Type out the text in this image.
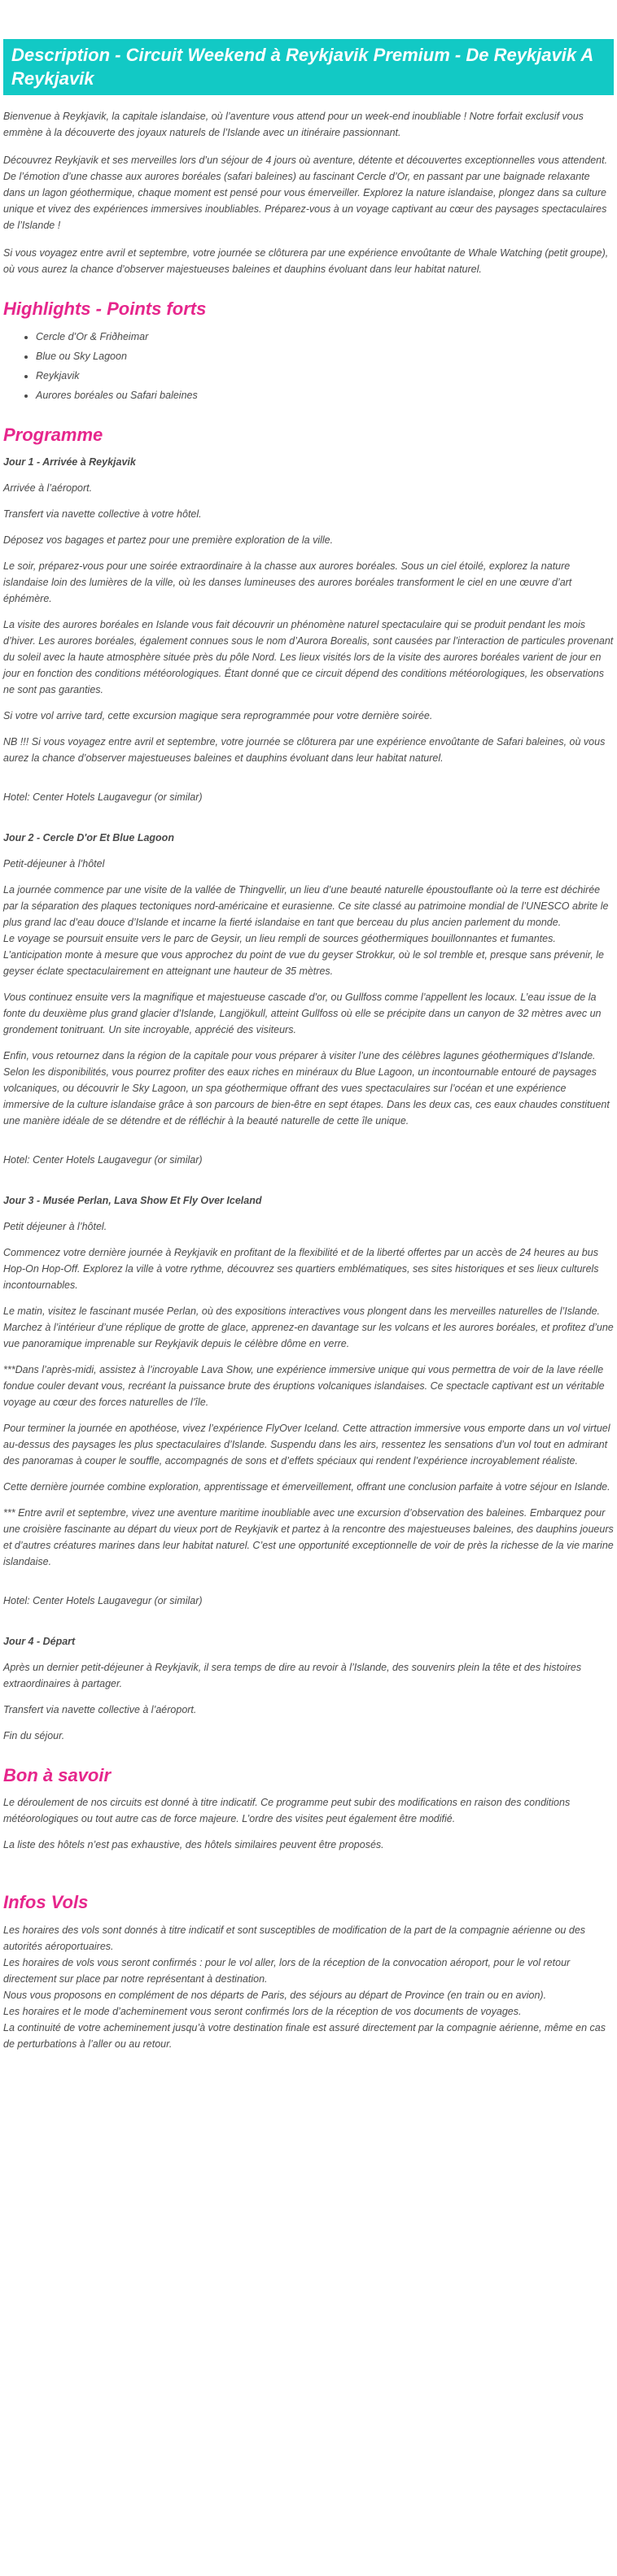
Description - Circuit Weekend à Reykjavik Premium - De Reykjavik A Reykjavik

Bienvenue à Reykjavik, la capitale islandaise, où l’aventure vous attend pour un week-end inoubliable ! Notre forfait exclusif vous emmène à la découverte des joyaux naturels de l’Islande avec un itinéraire passionnant.

Découvrez Reykjavik et ses merveilles lors d’un séjour de 4 jours où aventure, détente et découvertes exceptionnelles vous attendent. De l’émotion d’une chasse aux aurores boréales (safari baleines) au fascinant Cercle d’Or, en passant par une baignade relaxante dans un lagon géothermique, chaque moment est pensé pour vous émerveiller. Explorez la nature islandaise, plongez dans sa culture unique et vivez des expériences immersives inoubliables. Préparez-vous à un voyage captivant au cœur des paysages spectaculaires de l’Islande !

Si vous voyagez entre avril et septembre, votre journée se clôturera par une expérience envoûtante de Whale Watching (petit groupe), où vous aurez la chance d’observer majestueuses baleines et dauphins évoluant dans leur habitat naturel.

Highlights - Points forts
• Cercle d’Or & Friðheimar
• Blue ou Sky Lagoon
• Reykjavik
• Aurores boréales ou Safari baleines
Programme
Jour 1 - Arrivée à Reykjavik

Arrivée à l’aéroport.

Transfert via navette collective à votre hôtel.

Déposez vos bagages et partez pour une première exploration de la ville.

Le soir, préparez-vous pour une soirée extraordinaire à la chasse aux aurores boréales. Sous un ciel étoilé, explorez la nature islandaise loin des lumières de la ville, où les danses lumineuses des aurores boréales transforment le ciel en une œuvre d’art éphémère.

La visite des aurores boréales en Islande vous fait découvrir un phénomène naturel spectaculaire qui se produit pendant les mois d’hiver. Les aurores boréales, également connues sous le nom d’Aurora Borealis, sont causées par l’interaction de particules provenant du soleil avec la haute atmosphère située près du pôle Nord. Les lieux visités lors de la visite des aurores boréales varient de jour en jour en fonction des conditions météorologiques. Étant donné que ce circuit dépend des conditions météorologiques, les observations ne sont pas garanties.

Si votre vol arrive tard, cette excursion magique sera reprogrammée pour votre dernière soirée.

NB !!! Si vous voyagez entre avril et septembre, votre journée se clôturera par une expérience envoûtante de Safari baleines, où vous aurez la chance d’observer majestueuses baleines et dauphins évoluant dans leur habitat naturel.

Hotel: Center Hotels Laugavegur (or similar)

Jour 2 - Cercle D'or Et Blue Lagoon

Petit-déjeuner à l’hôtel

La journée commence par une visite de la vallée de Thingvellir, un lieu d’une beauté naturelle époustouflante où la terre est déchirée par la séparation des plaques tectoniques nord-américaine et eurasienne. Ce site classé au patrimoine mondial de l’UNESCO abrite le plus grand lac d’eau douce d’Islande et incarne la fierté islandaise en tant que berceau du plus ancien parlement du monde.

Le voyage se poursuit ensuite vers le parc de Geysir, un lieu rempli de sources géothermiques bouillonnantes et fumantes. L’anticipation monte à mesure que vous approchez du point de vue du geyser Strokkur, où le sol tremble et, presque sans prévenir, le geyser éclate spectaculairement en atteignant une hauteur de 35 mètres.

Vous continuez ensuite vers la magnifique et majestueuse cascade d’or, ou Gullfoss comme l’appellent les locaux. L’eau issue de la fonte du deuxième plus grand glacier d’Islande, Langjökull, atteint Gullfoss où elle se précipite dans un canyon de 32 mètres avec un grondement tonitruant. Un site incroyable, apprécié des visiteurs.

Enfin, vous retournez dans la région de la capitale pour vous préparer à visiter l’une des célèbres lagunes géothermiques d’Islande. Selon les disponibilités, vous pourrez profiter des eaux riches en minéraux du Blue Lagoon, un incontournable entouré de paysages volcaniques, ou découvrir le Sky Lagoon, un spa géothermique offrant des vues spectaculaires sur l’océan et une expérience immersive de la culture islandaise grâce à son parcours de bien-être en sept étapes. Dans les deux cas, ces eaux chaudes constituent une manière idéale de se détendre et de réfléchir à la beauté naturelle de cette île unique.

Hotel: Center Hotels Laugavegur (or similar)

Jour 3 - Musée Perlan, Lava Show Et Fly Over Iceland

Petit déjeuner à l’hôtel.

Commencez votre dernière journée à Reykjavik en profitant de la flexibilité et de la liberté offertes par un accès de 24 heures au bus Hop-On Hop-Off. Explorez la ville à votre rythme, découvrez ses quartiers emblématiques, ses sites historiques et ses lieux culturels incontournables.

Le matin, visitez le fascinant musée Perlan, où des expositions interactives vous plongent dans les merveilles naturelles de l’Islande. Marchez à l’intérieur d’une réplique de grotte de glace, apprenez-en davantage sur les volcans et les aurores boréales, et profitez d’une vue panoramique imprenable sur Reykjavik depuis le célèbre dôme en verre.

***Dans l’après-midi, assistez à l’incroyable Lava Show, une expérience immersive unique qui vous permettra de voir de la lave réelle fondue couler devant vous, recréant la puissance brute des éruptions volcaniques islandaises. Ce spectacle captivant est un véritable voyage au cœur des forces naturelles de l’île.

Pour terminer la journée en apothéose, vivez l’expérience FlyOver Iceland. Cette attraction immersive vous emporte dans un vol virtuel au-dessus des paysages les plus spectaculaires d’Islande. Suspendu dans les airs, ressentez les sensations d’un vol tout en admirant des panoramas à couper le souffle, accompagnés de sons et d’effets spéciaux qui rendent l’expérience incroyablement réaliste.

Cette dernière journée combine exploration, apprentissage et émerveillement, offrant une conclusion parfaite à votre séjour en Islande.

*** Entre avril et septembre, vivez une aventure maritime inoubliable avec une excursion d’observation des baleines. Embarquez pour une croisière fascinante au départ du vieux port de Reykjavik et partez à la rencontre des majestueuses baleines, des dauphins joueurs et d’autres créatures marines dans leur habitat naturel. C’est une opportunité exceptionnelle de voir de près la richesse de la vie marine islandaise.

Hotel: Center Hotels Laugavegur (or similar)

Jour 4 - Départ

Après un dernier petit-déjeuner à Reykjavik, il sera temps de dire au revoir à l’Islande, des souvenirs plein la tête et des histoires extraordinaires à partager.

Transfert via navette collective à l’aéroport.

Fin du séjour.

Bon à savoir

Le déroulement de nos circuits est donné à titre indicatif. Ce programme peut subir des modifications en raison des conditions météorologiques ou tout autre cas de force majeure. L’ordre des visites peut également être modifié.

La liste des hôtels n’est pas exhaustive, des hôtels similaires peuvent être proposés.

Infos Vols

Les horaires des vols sont donnés à titre indicatif et sont susceptibles de modification de la part de la compagnie aérienne ou des autorités aéroportuaires.

Les horaires de vols vous seront confirmés : pour le vol aller, lors de la réception de la convocation aéroport, pour le vol retour directement sur place par notre représentant à destination.

Nous vous proposons en complément de nos départs de Paris, des séjours au départ de Province (en train ou en avion).

Les horaires et le mode d’acheminement vous seront confirmés lors de la réception de vos documents de voyages.

La continuité de votre acheminement jusqu’à votre destination finale est assuré directement par la compagnie aérienne, même en cas de perturbations à l’aller ou au retour.
